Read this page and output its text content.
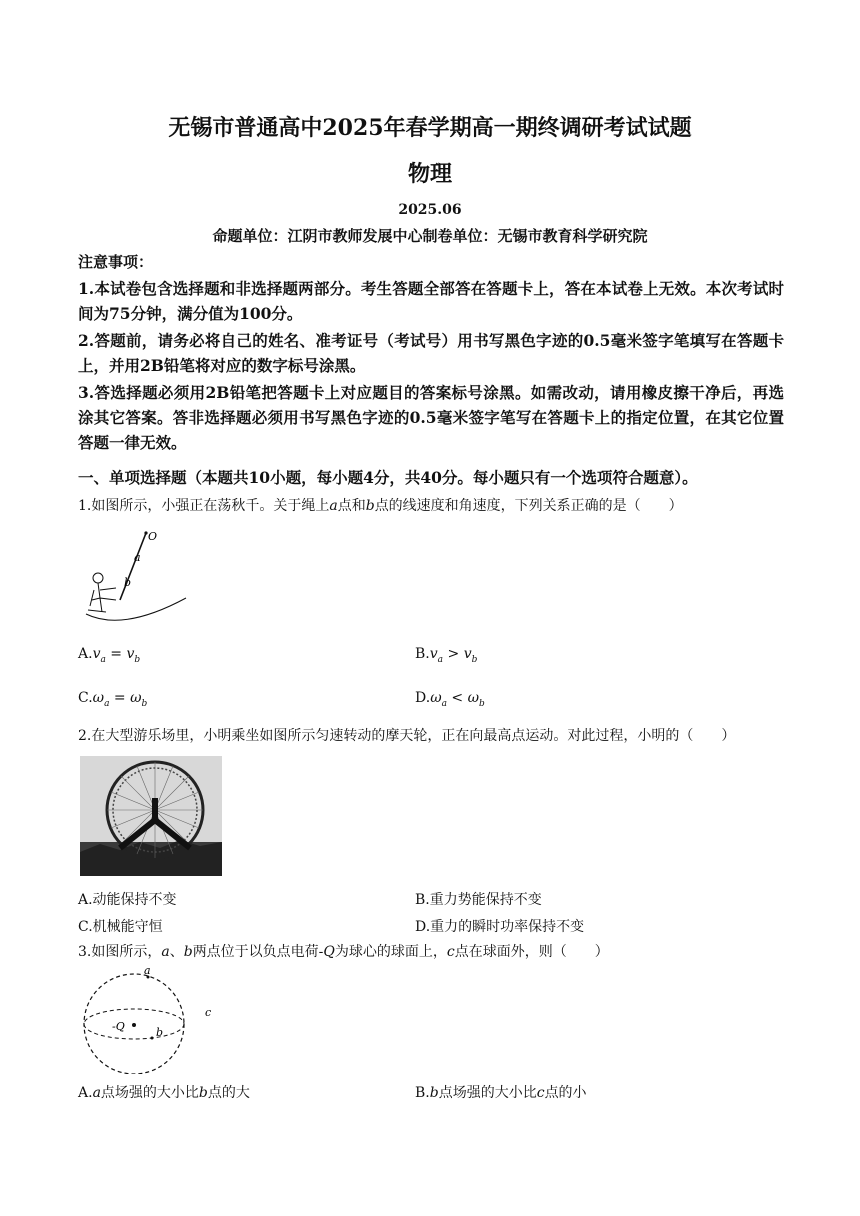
无锡市普通高中2025年春学期高一期终调研考试试题
物理
2025.06
命题单位：江阴市教师发展中心制卷单位：无锡市教育科学研究院
注意事项：
1.本试卷包含选择题和非选择题两部分。考生答题全部答在答题卡上，答在本试卷上无效。本次考试时间为75分钟，满分值为100分。
2.答题前，请务必将自己的姓名、准考证号（考试号）用书写黑色字迹的0.5毫米签字笔填写在答题卡上，并用2B铅笔将对应的数字标号涂黑。
3.答选择题必须用2B铅笔把答题卡上对应题目的答案标号涂黑。如需改动，请用橡皮擦干净后，再选涂其它答案。答非选择题必须用书写黑色字迹的0.5毫米签字笔写在答题卡上的指定位置，在其它位置答题一律无效。
一、单项选择题（本题共10小题，每小题4分，共40分。每小题只有一个选项符合题意）。
1.如图所示，小强正在荡秋千。关于绳上a点和b点的线速度和角速度，下列关系正确的是（　　）
O
a
b
$A.v_a = v_b$	$B.v_a > v_b$
$C.\omega_a = \omega_b$	$D.\omega_a < \omega_b$
2.在大型游乐场里，小明乘坐如图所示匀速转动的摩天轮，正在向最高点运动。对此过程，小明的（　　）
A.动能保持不变	B.重力势能保持不变
C.机械能守恒	D.重力的瞬时功率保持不变
3.如图所示，a、b两点位于以负点电荷-Q为球心的球面上，c点在球面外，则（　　）
a
-Q	b
c
A.a点场强的大小比b点的大	B.b点场强的大小比c点的小
